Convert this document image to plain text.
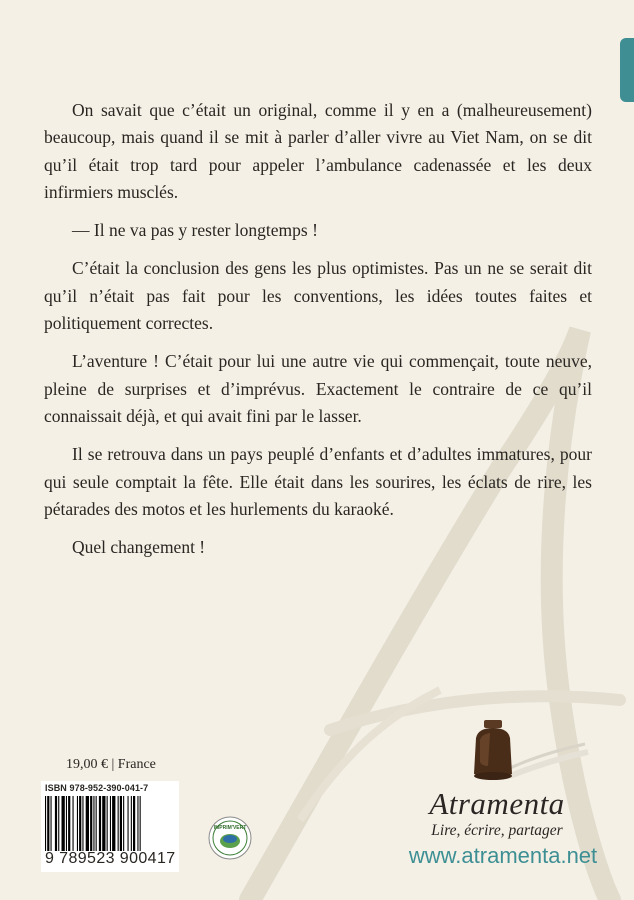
On savait que c’était un original, comme il y en a (malheureusement) beaucoup, mais quand il se mit à parler d’aller vivre au Viet Nam, on se dit qu’il était trop tard pour appeler l’ambulance cadenassée et les deux infirmiers musclés.

— Il ne va pas y rester longtemps !

C’était la conclusion des gens les plus optimistes. Pas un ne se serait dit qu’il n’était pas fait pour les conventions, les idées toutes faites et politiquement correctes.

L’aventure ! C’était pour lui une autre vie qui commençait, toute neuve, pleine de surprises et d’imprévus. Exactement le contraire de ce qu’il connaissait déjà, et qui avait fini par le lasser.

Il se retrouva dans un pays peuplé d’enfants et d’adultes immatures, pour qui seule comptait la fête. Elle était dans les sourires, les éclats de rire, les pétarades des motos et les hurlements du karaoké.

Quel changement !

19,00 € | France
ISBN 978-952-390-041-7
9 789523 900417
IMPRIM'VERT
Atramenta
Lire, écrire, partager
www.atramenta.net
